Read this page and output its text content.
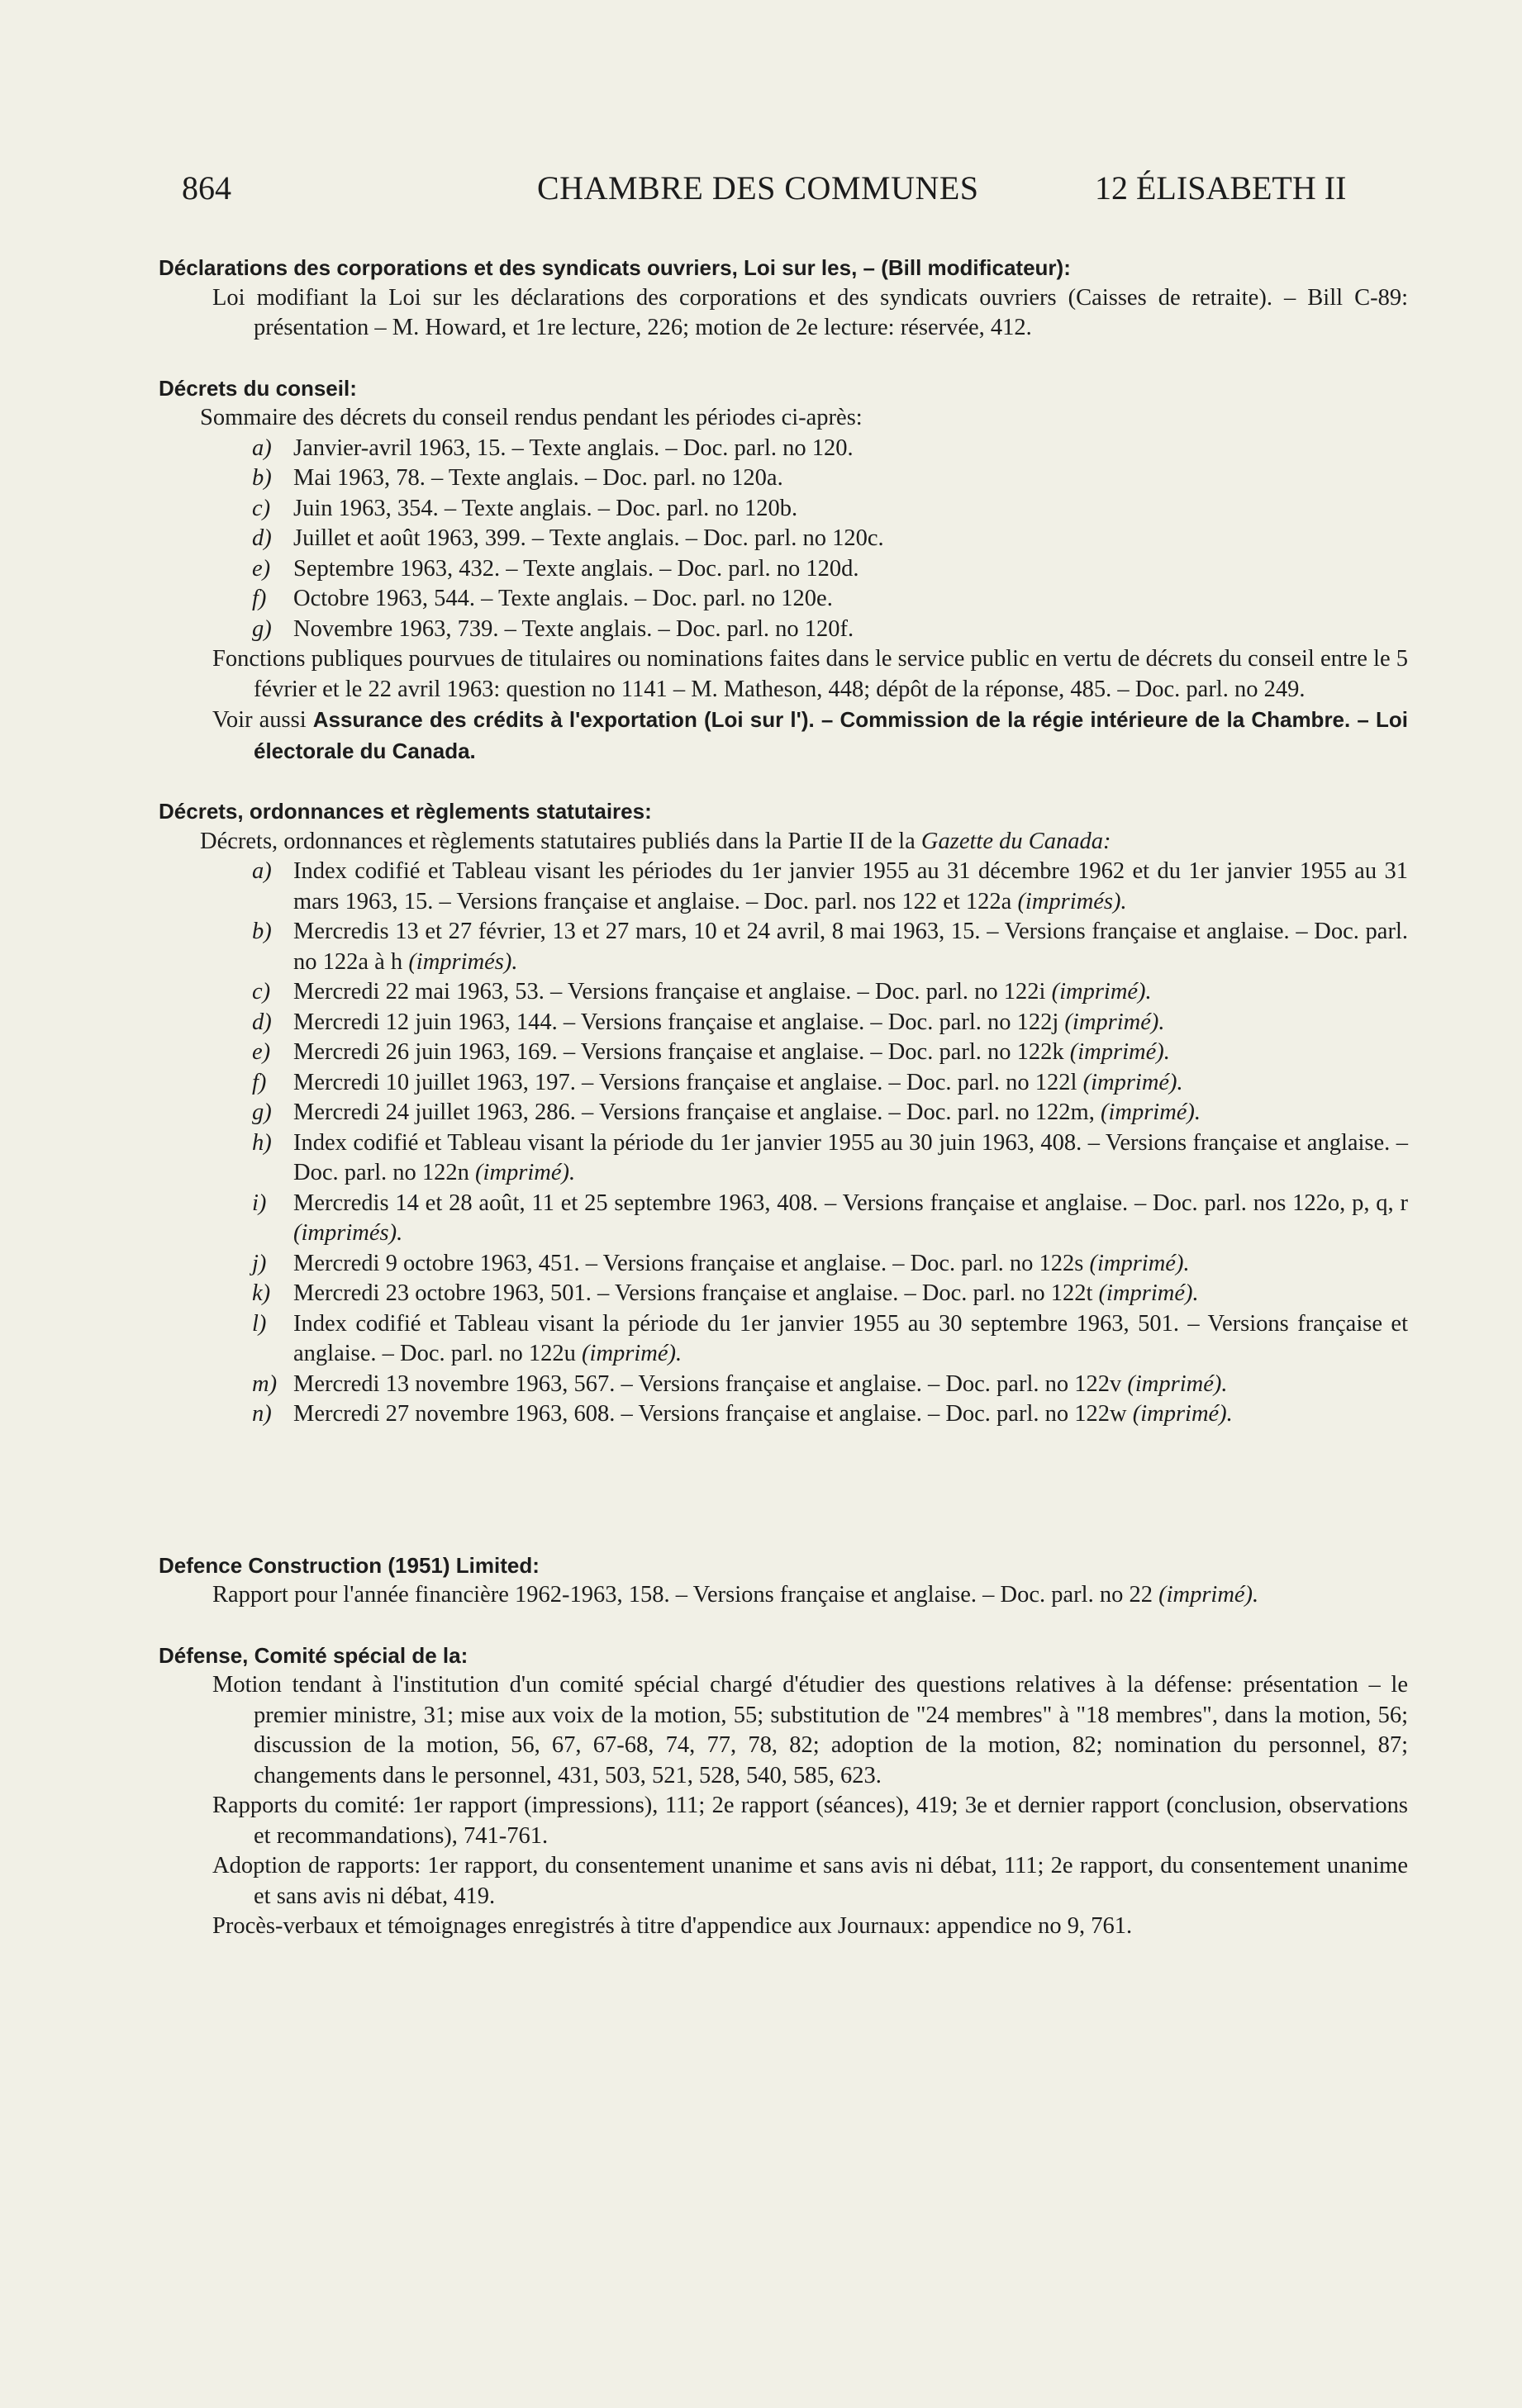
864	CHAMBRE DES COMMUNES	12 ÉLISABETH II
Déclarations des corporations et des syndicats ouvriers, Loi sur les, – (Bill modificateur):
Loi modifiant la Loi sur les déclarations des corporations et des syndicats ouvriers (Caisses de retraite). – Bill C-89: présentation – M. Howard, et 1re lecture, 226; motion de 2e lecture: réservée, 412.
Décrets du conseil:
Sommaire des décrets du conseil rendus pendant les périodes ci-après:
a) Janvier-avril 1963, 15. – Texte anglais. – Doc. parl. no 120.
b) Mai 1963, 78. – Texte anglais. – Doc. parl. no 120a.
c) Juin 1963, 354. – Texte anglais. – Doc. parl. no 120b.
d) Juillet et août 1963, 399. – Texte anglais. – Doc. parl. no 120c.
e) Septembre 1963, 432. – Texte anglais. – Doc. parl. no 120d.
f) Octobre 1963, 544. – Texte anglais. – Doc. parl. no 120e.
g) Novembre 1963, 739. – Texte anglais. – Doc. parl. no 120f.
Fonctions publiques pourvues de titulaires ou nominations faites dans le service public en vertu de décrets du conseil entre le 5 février et le 22 avril 1963: question no 1141 – M. Matheson, 448; dépôt de la réponse, 485. – Doc. parl. no 249.
Voir aussi Assurance des crédits à l'exportation (Loi sur l'). – Commission de la régie intérieure de la Chambre. – Loi électorale du Canada.
Décrets, ordonnances et règlements statutaires:
Décrets, ordonnances et règlements statutaires publiés dans la Partie II de la Gazette du Canada:
a) Index codifié et Tableau visant les périodes du 1er janvier 1955 au 31 décembre 1962 et du 1er janvier 1955 au 31 mars 1963, 15. – Versions française et anglaise. – Doc. parl. nos 122 et 122a (imprimés).
b) Mercredis 13 et 27 février, 13 et 27 mars, 10 et 24 avril, 8 mai 1963, 15. – Versions française et anglaise. – Doc. parl. no 122a à h (imprimés).
c) Mercredi 22 mai 1963, 53. – Versions française et anglaise. – Doc. parl. no 122i (imprimé).
d) Mercredi 12 juin 1963, 144. – Versions française et anglaise. – Doc. parl. no 122j (imprimé).
e) Mercredi 26 juin 1963, 169. – Versions française et anglaise. – Doc. parl. no 122k (imprimé).
f) Mercredi 10 juillet 1963, 197. – Versions française et anglaise. – Doc. parl. no 122l (imprimé).
g) Mercredi 24 juillet 1963, 286. – Versions française et anglaise. – Doc. parl. no 122m, (imprimé).
h) Index codifié et Tableau visant la période du 1er janvier 1955 au 30 juin 1963, 408. – Versions française et anglaise. – Doc. parl. no 122n (imprimé).
i) Mercredis 14 et 28 août, 11 et 25 septembre 1963, 408. – Versions française et anglaise. – Doc. parl. nos 122o, p, q, r (imprimés).
j) Mercredi 9 octobre 1963, 451. – Versions française et anglaise. – Doc. parl. no 122s (imprimé).
k) Mercredi 23 octobre 1963, 501. – Versions française et anglaise. – Doc. parl. no 122t (imprimé).
l) Index codifié et Tableau visant la période du 1er janvier 1955 au 30 septembre 1963, 501. – Versions française et anglaise. – Doc. parl. no 122u (imprimé).
m) Mercredi 13 novembre 1963, 567. – Versions française et anglaise. – Doc. parl. no 122v (imprimé).
n) Mercredi 27 novembre 1963, 608. – Versions française et anglaise. – Doc. parl. no 122w (imprimé).
Defence Construction (1951) Limited:
Rapport pour l'année financière 1962-1963, 158. – Versions française et anglaise. – Doc. parl. no 22 (imprimé).
Défense, Comité spécial de la:
Motion tendant à l'institution d'un comité spécial chargé d'étudier des questions relatives à la défense: présentation – le premier ministre, 31; mise aux voix de la motion, 55; substitution de "24 membres" à "18 membres", dans la motion, 56; discussion de la motion, 56, 67, 67-68, 74, 77, 78, 82; adoption de la motion, 82; nomination du personnel, 87; changements dans le personnel, 431, 503, 521, 528, 540, 585, 623.
Rapports du comité: 1er rapport (impressions), 111; 2e rapport (séances), 419; 3e et dernier rapport (conclusion, observations et recommandations), 741-761.
Adoption de rapports: 1er rapport, du consentement unanime et sans avis ni débat, 111; 2e rapport, du consentement unanime et sans avis ni débat, 419.
Procès-verbaux et témoignages enregistrés à titre d'appendice aux Journaux: appendice no 9, 761.
